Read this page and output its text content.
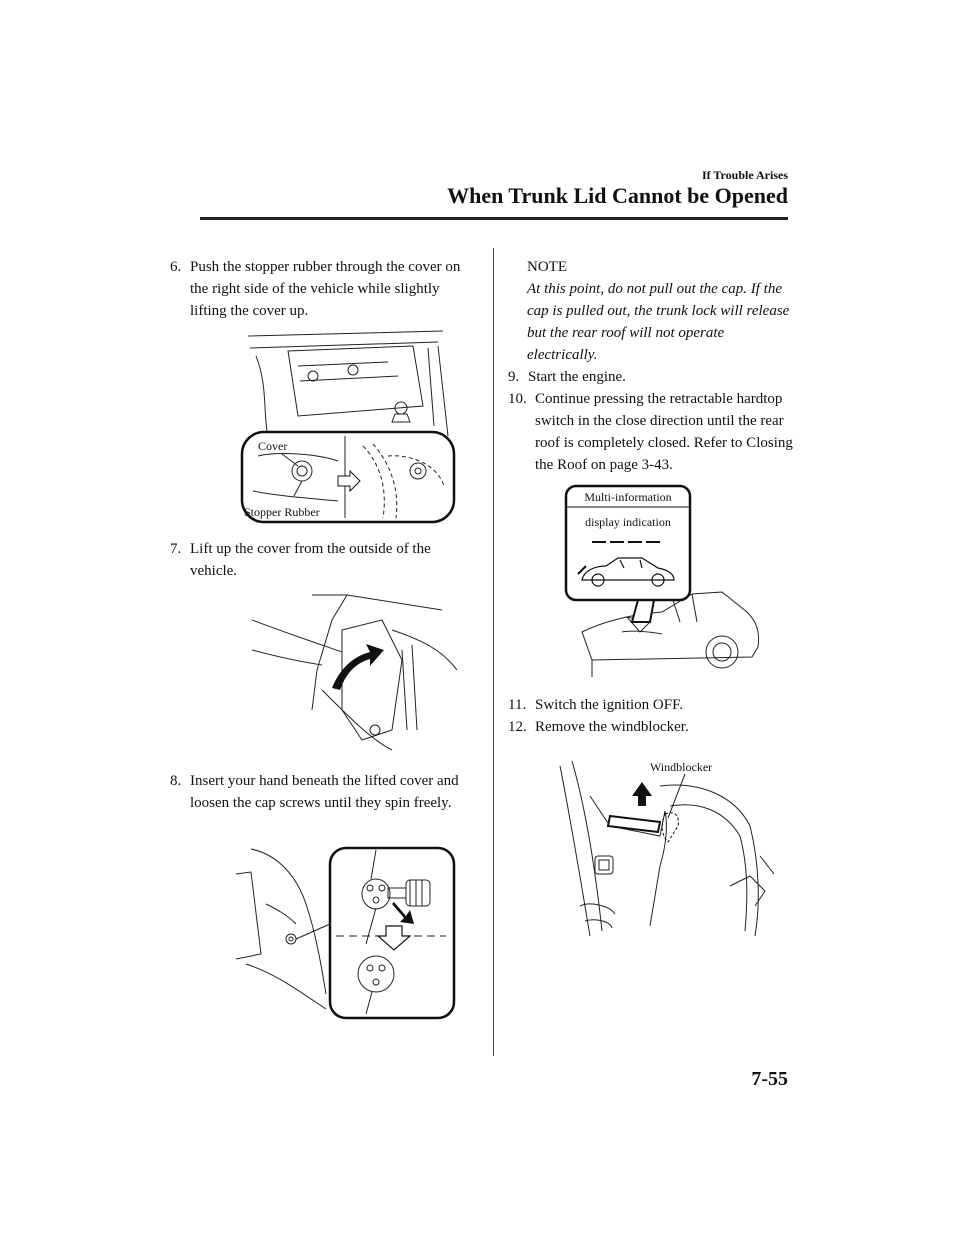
If Trouble Arises
When Trunk Lid Cannot be Opened
6. Push the stopper rubber through the cover on the right side of the vehicle while slightly lifting the cover up.
Cover
Stopper Rubber
7. Lift up the cover from the outside of the vehicle.
8. Insert your hand beneath the lifted cover and loosen the cap screws until they spin freely.
NOTE
At this point, do not pull out the cap. If the cap is pulled out, the trunk lock will release but the rear roof will not operate electrically.
9. Start the engine.
10. Continue pressing the retractable hardtop switch in the close direction until the rear roof is completely closed. Refer to Closing the Roof on page 3-43.
Multi-information
display indication
11. Switch the ignition OFF.
12. Remove the windblocker.
Windblocker
7-55
